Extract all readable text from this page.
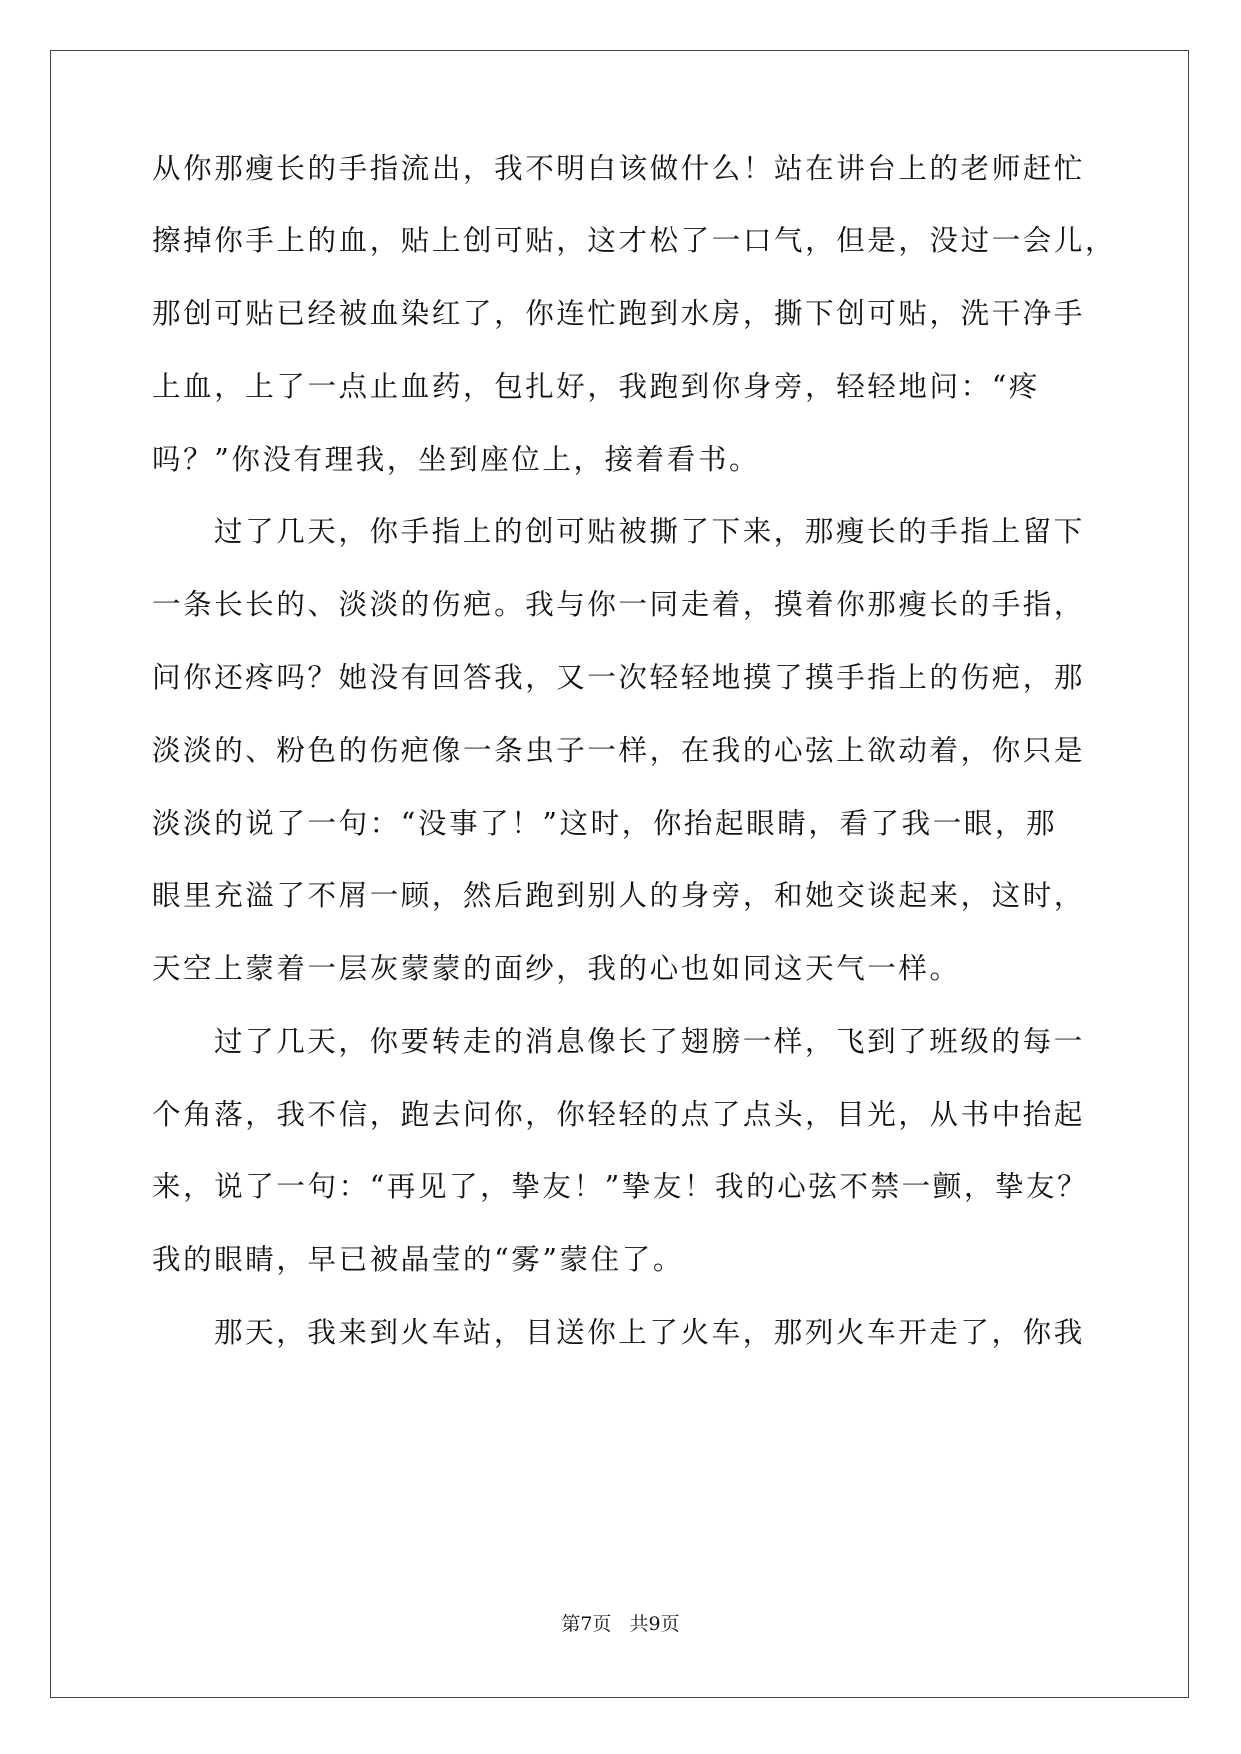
从你那瘦长的手指流出，我不明白该做什么！站在讲台上的老师赶忙
擦掉你手上的血，贴上创可贴，这才松了一口气，但是，没过一会儿，
那创可贴已经被血染红了，你连忙跑到水房，撕下创可贴，洗干净手
上血，上了一点止血药，包扎好，我跑到你身旁，轻轻地问：“疼
吗？”你没有理我，坐到座位上，接着看书。
过了几天，你手指上的创可贴被撕了下来，那瘦长的手指上留下
一条长长的、淡淡的伤疤。我与你一同走着，摸着你那瘦长的手指，
问你还疼吗？她没有回答我，又一次轻轻地摸了摸手指上的伤疤，那
淡淡的、粉色的伤疤像一条虫子一样，在我的心弦上欲动着，你只是
淡淡的说了一句：“没事了！”这时，你抬起眼睛，看了我一眼，那
眼里充溢了不屑一顾，然后跑到别人的身旁，和她交谈起来，这时，
天空上蒙着一层灰蒙蒙的面纱，我的心也如同这天气一样。
过了几天，你要转走的消息像长了翅膀一样，飞到了班级的每一
个角落，我不信，跑去问你，你轻轻的点了点头，目光，从书中抬起
来，说了一句：“再见了，挚友！”挚友！我的心弦不禁一颤，挚友？
我的眼睛，早已被晶莹的“雾”蒙住了。
那天，我来到火车站，目送你上了火车，那列火车开走了，你我
第7页   共9页
